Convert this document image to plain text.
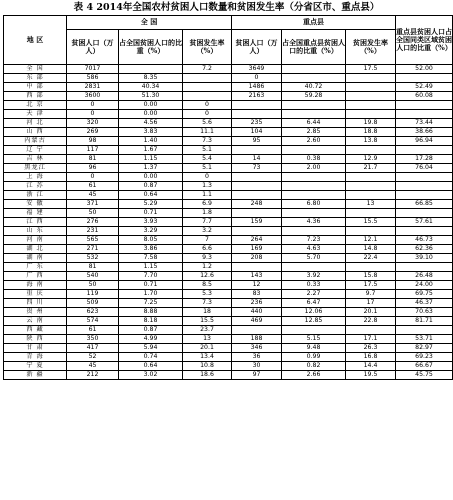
表 4 2014年全国农村贫困人口数量和贫困发生率（分省区市、重点县）
地 区	全 国			重点县			重点县贫困人口占全国同类区域贫困人口的比重（%）

	贫困人口（万人）	占全国贫困人口的比重（%）	贫困发生率（%）	贫困人口（万人）	占全国重点县贫困人口的比重（%）	贫困发生率（%）	

全 国	7017		7.2	3649		17.5	52.00
东 部	586	8.35		0			
中 部	2831	40.34		1486	40.72		52.49
西 部	3600	51.30		2163	59.28		60.08
北 京	0	0.00	0				
天 津	0	0.00	0				
河 北	320	4.56	5.6	235	6.44	19.8	73.44
山 西	269	3.83	11.1	104	2.85	18.8	38.66
内蒙古	98	1.40	7.3	95	2.60	13.8	96.94
辽 宁	117	1.67	5.1				
吉 林	81	1.15	5.4	14	0.38	12.9	17.28
黑龙江	96	1.37	5.1	73	2.00	21.7	76.04
上 海	0	0.00	0				
江 苏	61	0.87	1.3				
浙 江	45	0.64	1.1				
安 徽	371	5.29	6.9	248	6.80	13	66.85
福 建	50	0.71	1.8				
江 西	276	3.93	7.7	159	4.36	15.5	57.61
山 东	231	3.29	3.2				
河 南	565	8.05	7	264	7.23	12.1	46.73
湖 北	271	3.86	6.6	169	4.63	14.8	62.36
湖 南	532	7.58	9.3	208	5.70	22.4	39.10
广 东	81	1.15	1.2				
广 西	540	7.70	12.6	143	3.92	15.8	26.48
海 南	50	0.71	8.5	12	0.33	17.5	24.00
重 庆	119	1.70	5.3	83	2.27	9.7	69.75
四 川	509	7.25	7.3	236	6.47	17	46.37
贵 州	623	8.88	18	440	12.06	20.1	70.63
云 南	574	8.18	15.5	469	12.85	22.8	81.71
西 藏	61	0.87	23.7				
陕 西	350	4.99	13	188	5.15	17.1	53.71
甘 肃	417	5.94	20.1	346	9.48	26.3	82.97
青 海	52	0.74	13.4	36	0.99	16.8	69.23
宁 夏	45	0.64	10.8	30	0.82	14.4	66.67
新 疆	212	3.02	18.6	97	2.66	19.5	45.75
